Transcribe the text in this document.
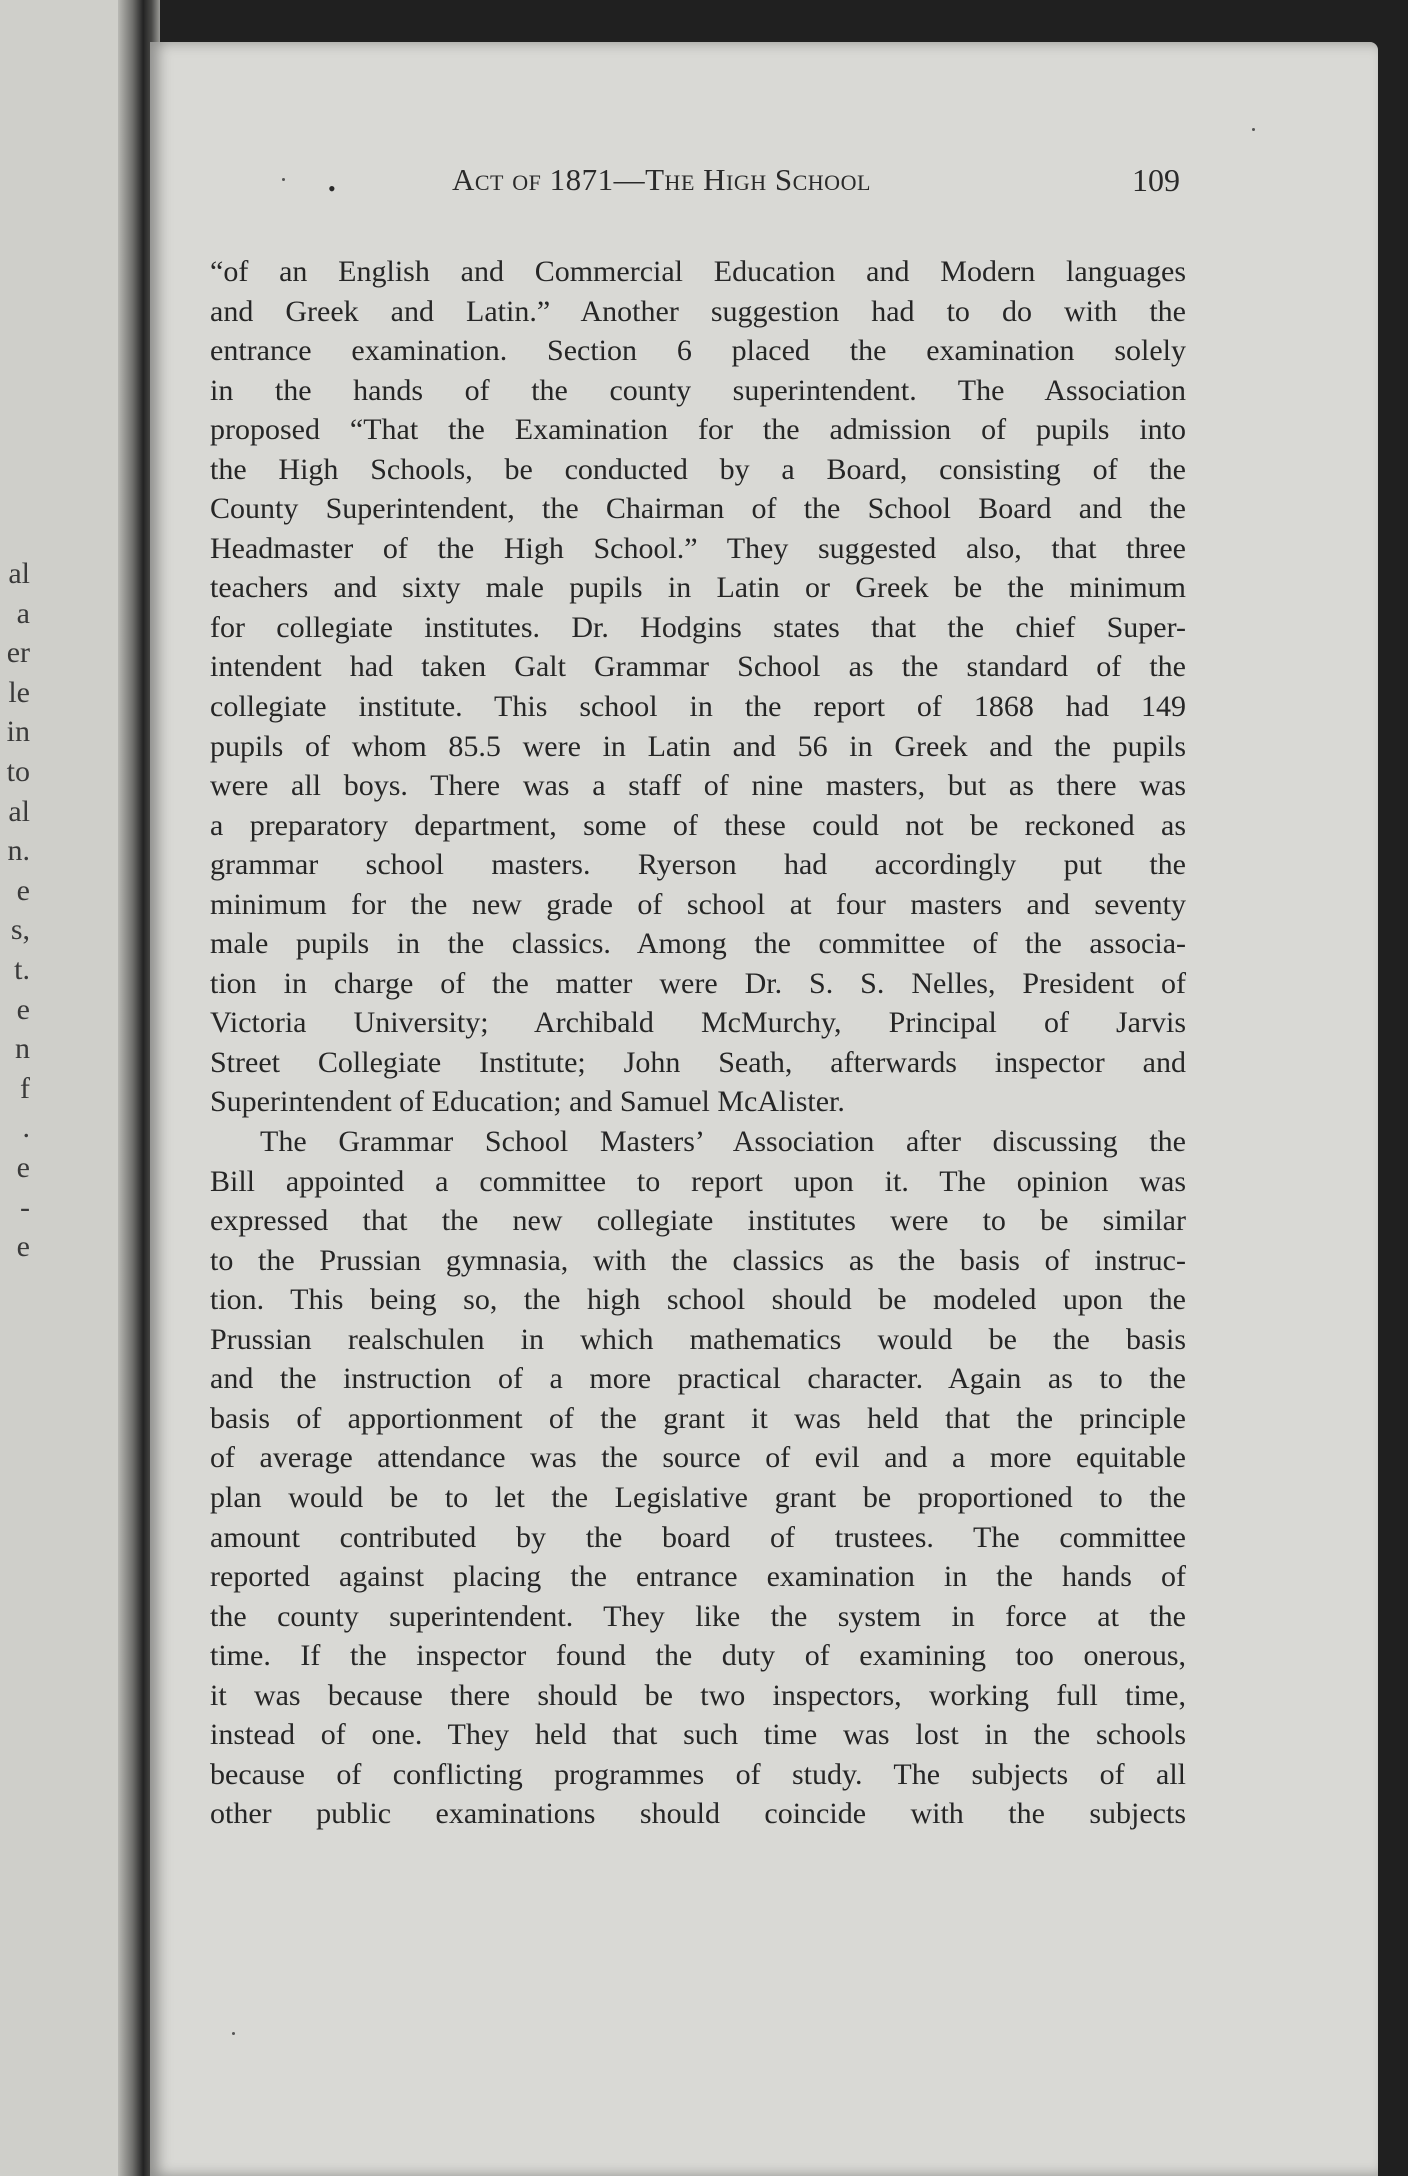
al
a
er
le
in
to
al
n.
e
s,
t.
e
n
f
.
e
-
e
•	Act of 1871—The High School	109
“of an English and Commercial Education and Modern languages
and Greek and Latin.” Another suggestion had to do with the
entrance examination. Section 6 placed the examination solely
in the hands of the county superintendent. The Association
proposed “That the Examination for the admission of pupils into
the High Schools, be conducted by a Board, consisting of the
County Superintendent, the Chairman of the School Board and the
Headmaster of the High School.” They suggested also, that three
teachers and sixty male pupils in Latin or Greek be the minimum
for collegiate institutes. Dr. Hodgins states that the chief Super-
intendent had taken Galt Grammar School as the standard of the
collegiate institute. This school in the report of 1868 had 149
pupils of whom 85.5 were in Latin and 56 in Greek and the pupils
were all boys. There was a staff of nine masters, but as there was
a preparatory department, some of these could not be reckoned as
grammar school masters. Ryerson had accordingly put the
minimum for the new grade of school at four masters and seventy
male pupils in the classics. Among the committee of the associa-
tion in charge of the matter were Dr. S. S. Nelles, President of
Victoria University; Archibald McMurchy, Principal of Jarvis
Street Collegiate Institute; John Seath, afterwards inspector and
Superintendent of Education; and Samuel McAlister.
The Grammar School Masters’ Association after discussing the
Bill appointed a committee to report upon it. The opinion was
expressed that the new collegiate institutes were to be similar
to the Prussian gymnasia, with the classics as the basis of instruc-
tion. This being so, the high school should be modeled upon the
Prussian realschulen in which mathematics would be the basis
and the instruction of a more practical character. Again as to the
basis of apportionment of the grant it was held that the principle
of average attendance was the source of evil and a more equitable
plan would be to let the Legislative grant be proportioned to the
amount contributed by the board of trustees. The committee
reported against placing the entrance examination in the hands of
the county superintendent. They like the system in force at the
time. If the inspector found the duty of examining too onerous,
it was because there should be two inspectors, working full time,
instead of one. They held that such time was lost in the schools
because of conflicting programmes of study. The subjects of all
other public examinations should coincide with the subjects
